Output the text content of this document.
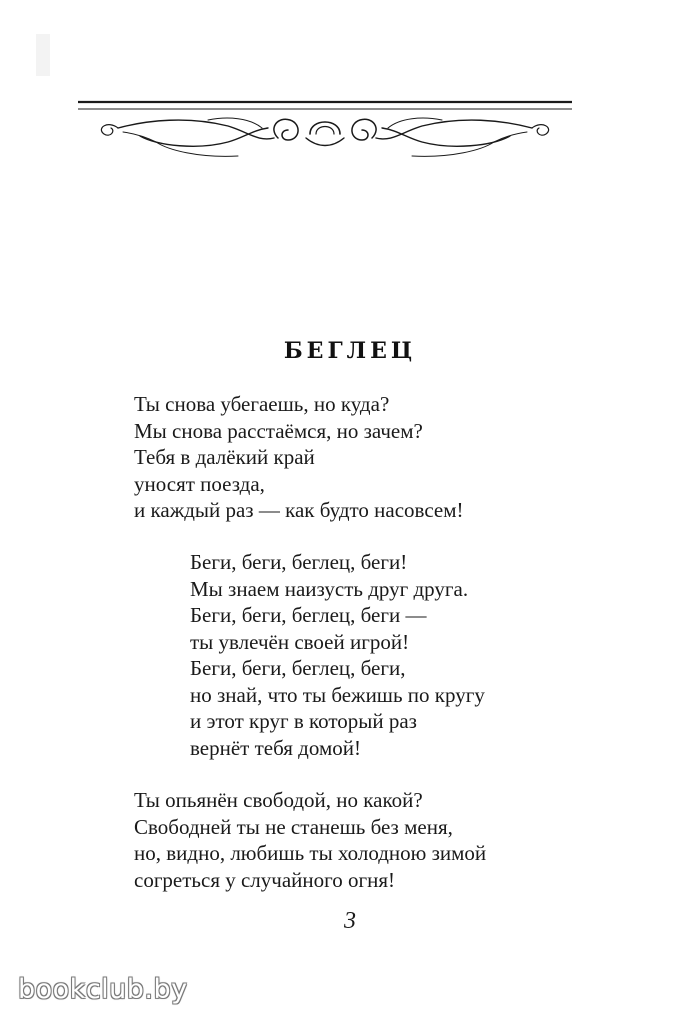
БЕГЛЕЦ
Ты снова убегаешь, но куда?
Мы снова расстаёмся, но зачем?
Тебя в далёкий край
уносят поезда,
и каждый раз — как будто насовсем!
Беги, беги, беглец, беги!
Мы знаем наизусть друг друга.
Беги, беги, беглец, беги —
ты увлечён своей игрой!
Беги, беги, беглец, беги,
но знай, что ты бежишь по кругу
и этот круг в который раз
вернёт тебя домой!
Ты опьянён свободой, но какой?
Свободней ты не станешь без меня,
но, видно, любишь ты холодною зимой
согреться у случайного огня!
3
bookclub.by
